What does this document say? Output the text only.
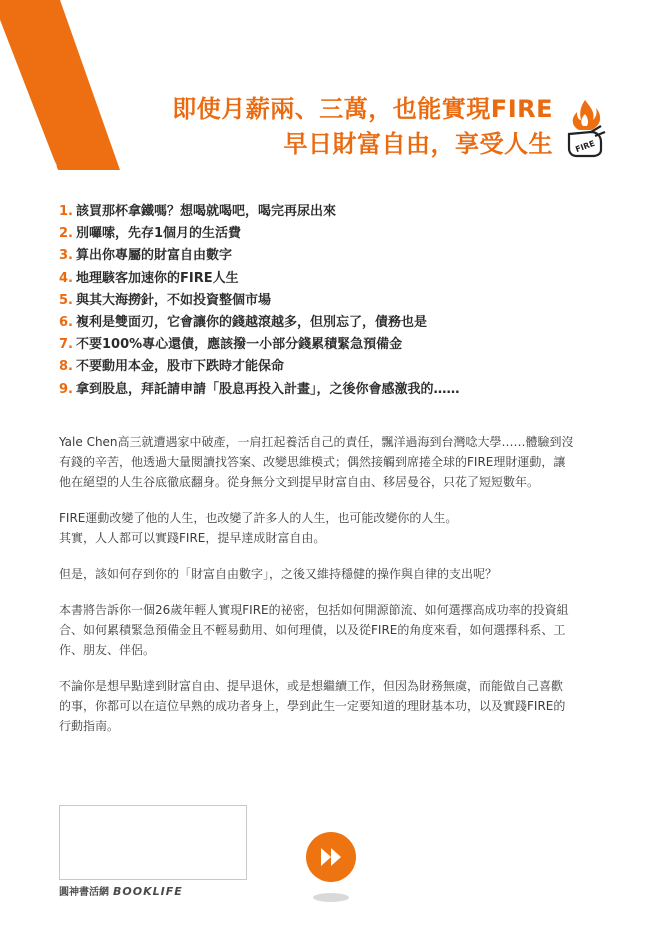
即使月薪兩、三萬，也能實現FIRE
早日財富自由，享受人生	FIRE
1. 該買那杯拿鐵嗎？想喝就喝吧，喝完再尿出來
2. 別囉嗦，先存1個月的生活費
3. 算出你專屬的財富自由數字
4. 地理駭客加速你的FIRE人生
5. 與其大海撈針，不如投資整個市場
6. 複利是雙面刃，它會讓你的錢越滾越多，但別忘了，債務也是
7. 不要100%專心還債，應該撥一小部分錢累積緊急預備金
8. 不要動用本金，股市下跌時才能保命
9. 拿到股息，拜託請申請「股息再投入計畫」，之後你會感激我的……

Yale Chen高三就遭遇家中破產，一肩扛起養活自己的責任，飄洋過海到台灣唸大學……體驗到沒
有錢的辛苦，他透過大量閱讀找答案、改變思維模式；偶然接觸到席捲全球的FIRE理財運動，讓
他在絕望的人生谷底徹底翻身。從身無分文到提早財富自由、移居曼谷，只花了短短數年。

FIRE運動改變了他的人生，也改變了許多人的人生，也可能改變你的人生。
其實，人人都可以實踐FIRE，提早達成財富自由。

但是，該如何存到你的「財富自由數字」，之後又維持穩健的操作與自律的支出呢？

本書將告訴你一個26歲年輕人實現FIRE的祕密，包括如何開源節流、如何選擇高成功率的投資組
合、如何累積緊急預備金且不輕易動用、如何理債，以及從FIRE的角度來看，如何選擇科系、工
作、朋友、伴侶。

不論你是想早點達到財富自由、提早退休，或是想繼續工作，但因為財務無虞，而能做自己喜歡
的事，你都可以在這位早熟的成功者身上，學到此生一定要知道的理財基本功，以及實踐FIRE的
行動指南。

圓神書活網 BOOKLIFE
